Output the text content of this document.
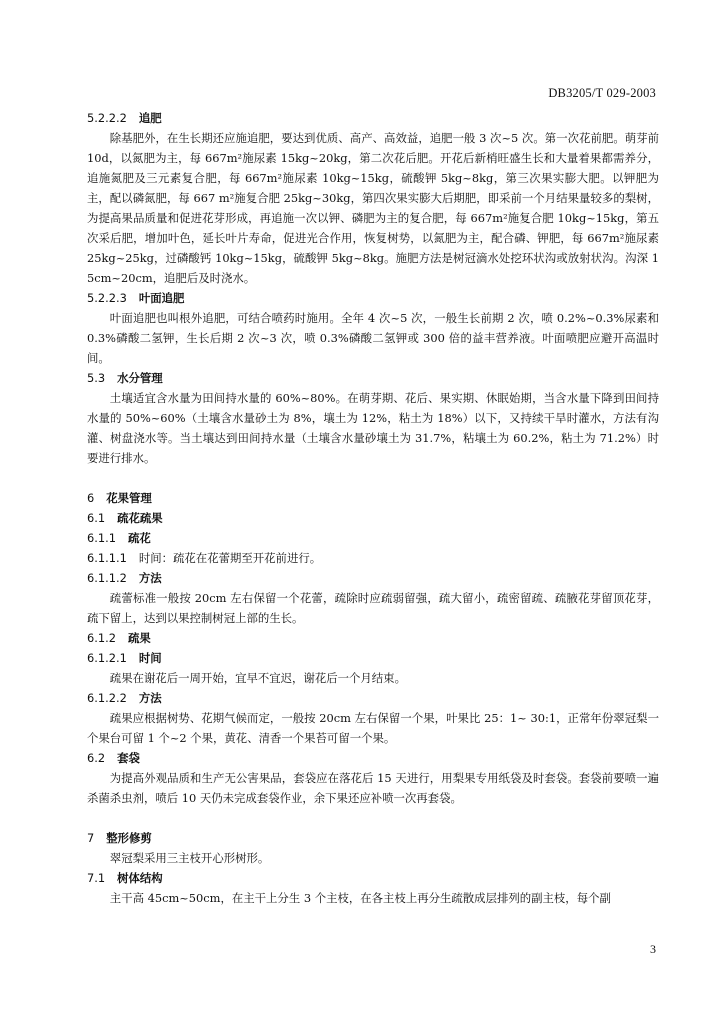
DB3205/T 029-2003
5.2.2.2 追肥
除基肥外，在生长期还应施追肥，要达到优质、高产、高效益，追肥一般 3 次~5 次。第一次花前肥。萌芽前 10d，以氮肥为主，每 667m²施尿素 15kg~20kg，第二次花后肥。开花后新梢旺盛生长和大量着果都需养分，追施氮肥及三元素复合肥，每 667m²施尿素 10kg~15kg，硫酸钾 5kg~8kg，第三次果实膨大肥。以钾肥为主，配以磷氮肥，每 667 m²施复合肥 25kg~30kg，第四次果实膨大后期肥，即采前一个月结果量较多的梨树，为提高果品质量和促进花芽形成，再追施一次以钾、磷肥为主的复合肥，每 667m²施复合肥 10kg~15kg，第五次采后肥，增加叶色，延长叶片寿命，促进光合作用，恢复树势，以氮肥为主，配合磷、钾肥，每 667m²施尿素 25kg~25kg，过磷酸钙 10kg~15kg，硫酸钾 5kg~8kg。施肥方法是树冠滴水处挖环状沟或放射状沟。沟深 15cm~20cm，追肥后及时浇水。
5.2.2.3 叶面追肥
叶面追肥也叫根外追肥，可结合喷药时施用。全年 4 次~5 次，一般生长前期 2 次，喷 0.2%~0.3%尿素和 0.3%磷酸二氢钾，生长后期 2 次~3 次，喷 0.3%磷酸二氢钾或 300 倍的益丰营养液。叶面喷肥应避开高温时间。
5.3 水分管理
土壤适宜含水量为田间持水量的 60%~80%。在萌芽期、花后、果实期、休眠始期，当含水量下降到田间持水量的 50%~60%（土壤含水量砂土为 8%，壤土为 12%，粘土为 18%）以下，又持续干旱时灌水，方法有沟灌、树盘浇水等。当土壤达到田间持水量（土壤含水量砂壤土为 31.7%，粘壤土为 60.2%，粘土为 71.2%）时要进行排水。
6 花果管理
6.1 疏花疏果
6.1.1 疏花
6.1.1.1 时间：疏花在花蕾期至开花前进行。
6.1.1.2 方法
疏蕾标准一般按 20cm 左右保留一个花蕾，疏除时应疏弱留强，疏大留小，疏密留疏、疏腋花芽留顶花芽，疏下留上，达到以果控制树冠上部的生长。
6.1.2 疏果
6.1.2.1 时间
疏果在谢花后一周开始，宜早不宜迟，谢花后一个月结束。
6.1.2.2 方法
疏果应根据树势、花期气候而定，一般按 20cm 左右保留一个果，叶果比 25：1~ 30:1，正常年份翠冠梨一个果台可留 1 个~2 个果，黄花、清香一个果苔可留一个果。
6.2 套袋
为提高外观品质和生产无公害果品，套袋应在落花后 15 天进行，用梨果专用纸袋及时套袋。套袋前要喷一遍杀菌杀虫剂，喷后 10 天仍未完成套袋作业，余下果还应补喷一次再套袋。
7 整形修剪
翠冠梨采用三主枝开心形树形。
7.1 树体结构
主干高 45cm~50cm，在主干上分生 3 个主枝，在各主枝上再分生疏散成层排列的副主枝，每个副
3
